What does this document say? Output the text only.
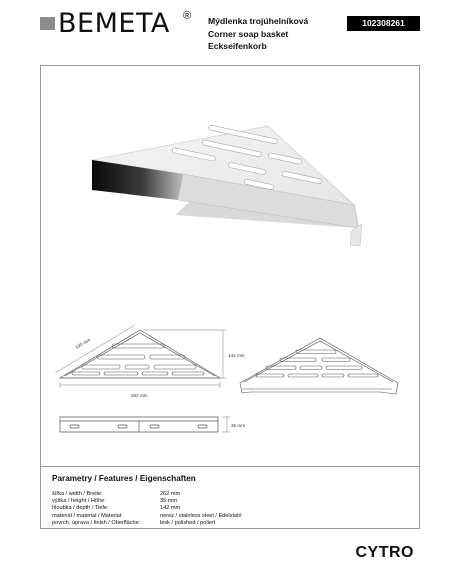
BEMETA ® Mýdlenka trojúhelníková
Corner soap basket
Eckseifenkorb
102308261
190 mm
262 mm
142 mm
35 mm
Parametry / Features / Eigenschaften
šířka / width / Breite:	262 mm
výška / height / Höhe:	35 mm
hloubka / depth / Tiefe:	142 mm
materiál / material / Material:	nerez / stainless steel / Edelstahl
povrch. úprava / finish / Oberfläche:	lesk / polished / poliert
CYTRO
